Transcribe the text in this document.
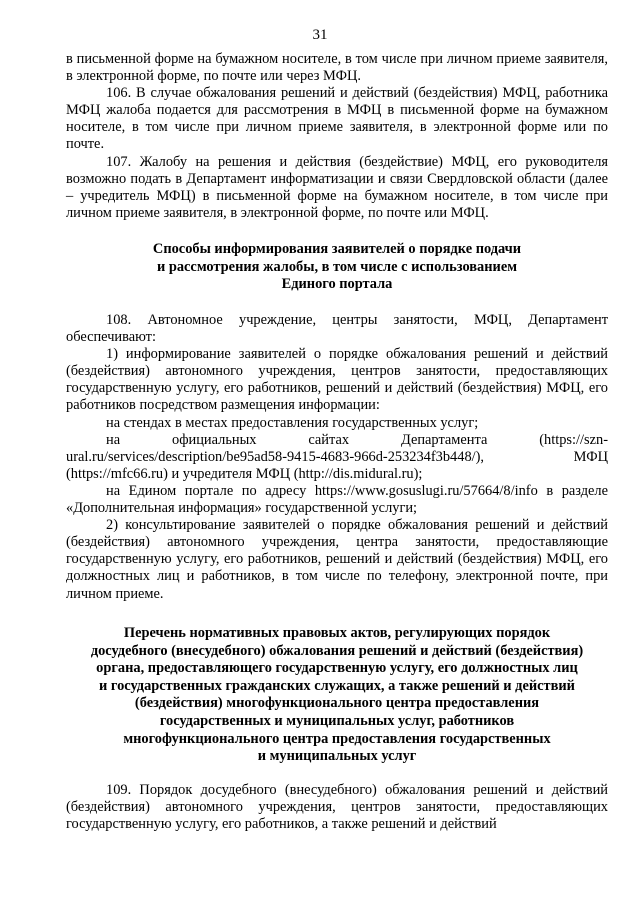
31

в письменной форме на бумажном носителе, в том числе при личном приеме заявителя, в электронной форме, по почте или через МФЦ.

106. В случае обжалования решений и действий (бездействия) МФЦ, работника МФЦ жалоба подается для рассмотрения в МФЦ в письменной форме на бумажном носителе, в том числе при личном приеме заявителя, в электронной форме или по почте.

107. Жалобу на решения и действия (бездействие) МФЦ, его руководителя возможно подать в Департамент информатизации и связи Свердловской области (далее – учредитель МФЦ) в письменной форме на бумажном носителе, в том числе при личном приеме заявителя, в электронной форме, по почте или МФЦ.

Способы информирования заявителей о порядке подачи
и рассмотрения жалобы, в том числе с использованием
Единого портала

108. Автономное учреждение, центры занятости, МФЦ, Департамент обеспечивают:

1) информирование заявителей о порядке обжалования решений и действий (бездействия) автономного учреждения, центров занятости, предоставляющих государственную услугу, его работников, решений и действий (бездействия) МФЦ, его работников посредством размещения информации:

на стендах в местах предоставления государственных услуг;

на	официальных	сайтах	Департамента	(https://szn-

ural.ru/services/description/be95ad58-9415-4683-966d-253234f3b448/), МФЦ (https://mfc66.ru) и учредителя МФЦ (http://dis.midural.ru);

на Едином портале по адресу https://www.gosuslugi.ru/57664/8/info в разделе «Дополнительная информация» государственной услуги;

2) консультирование заявителей о порядке обжалования решений и действий (бездействия) автономного учреждения, центра занятости, предоставляющие государственную услугу, его работников, решений и действий (бездействия) МФЦ, его должностных лиц и работников, в том числе по телефону, электронной почте, при личном приеме.

Перечень нормативных правовых актов, регулирующих порядок
досудебного (внесудебного) обжалования решений и действий (бездействия)
органа, предоставляющего государственную услугу, его должностных лиц
и государственных гражданских служащих, а также решений и действий
(бездействия) многофункционального центра предоставления
государственных и муниципальных услуг, работников
многофункционального центра предоставления государственных
и муниципальных услуг

109. Порядок досудебного (внесудебного) обжалования решений и действий (бездействия) автономного учреждения, центров занятости, предоставляющих государственную услугу, его работников, а также решений и действий
